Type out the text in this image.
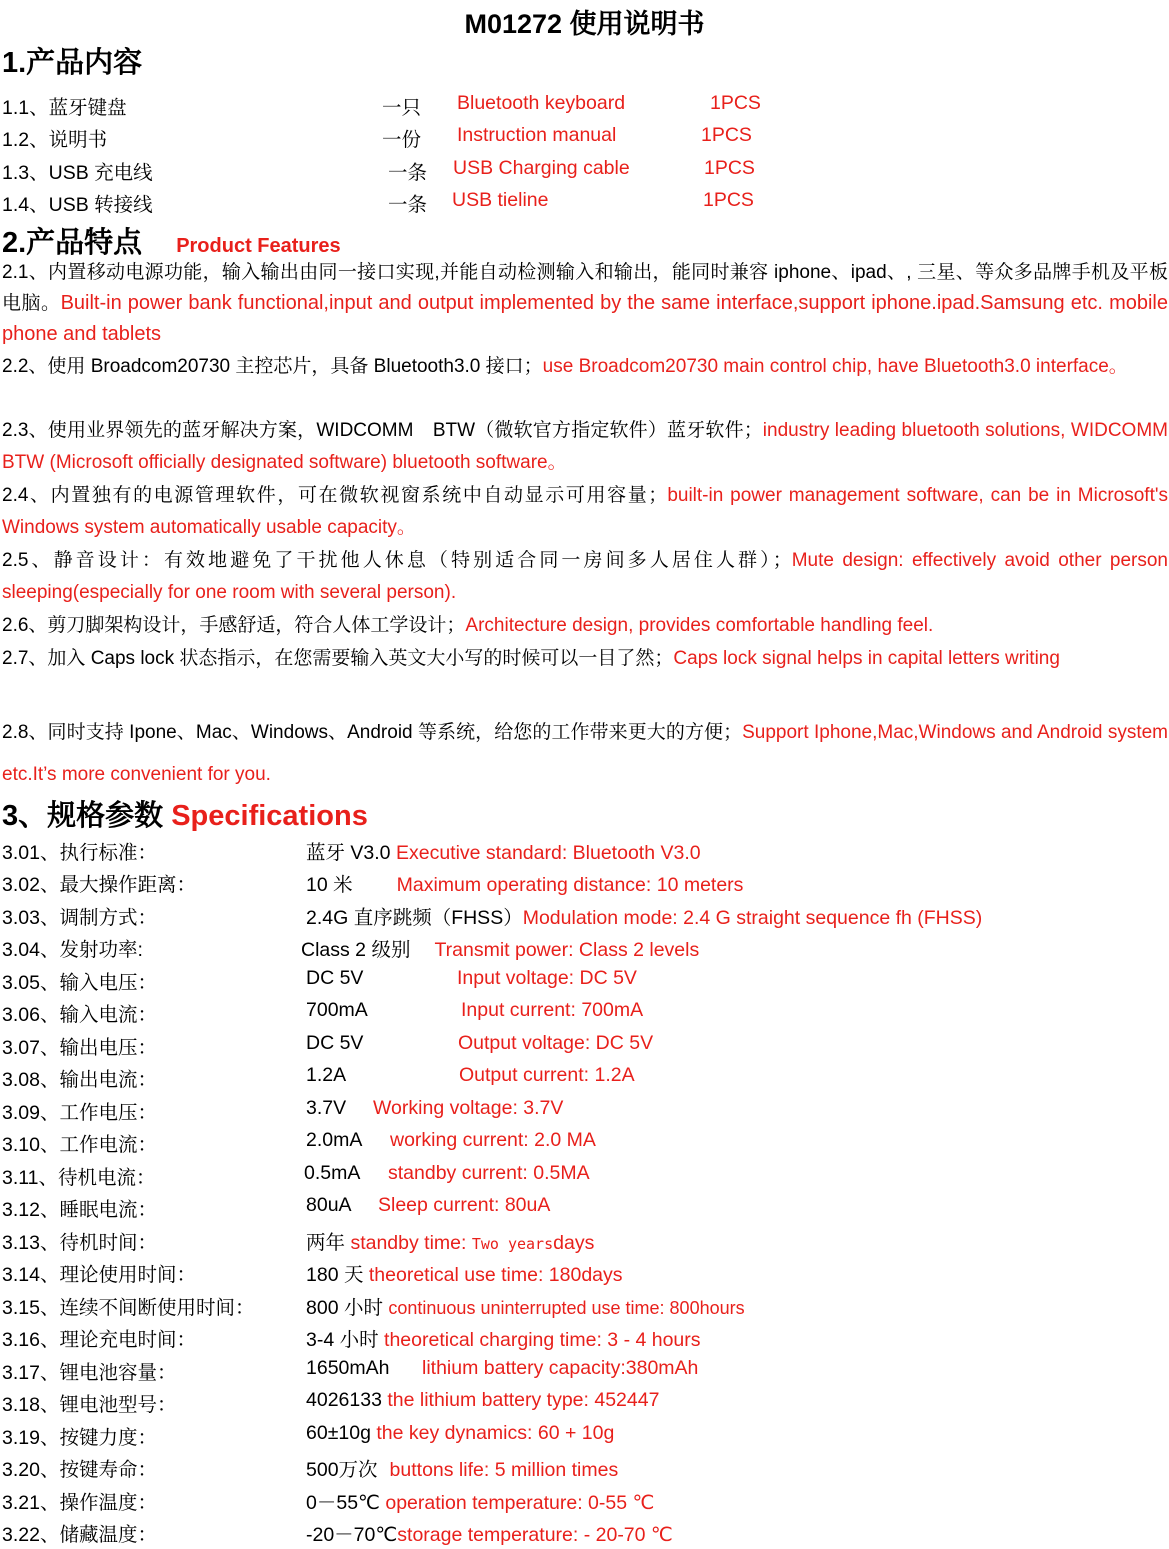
M01272 使用说明书
1.产品内容
1.1、蓝牙键盘	一只 Bluetooth keyboard	1PCS
1.2、说明书	一份 Instruction manual	1PCS
1.3、USB 充电线	一条 USB Charging cable	1PCS
1.4、USB 转接线	一条 USB tieline	1PCS
2.产品特点 Product Features
2.1、内置移动电源功能，输入输出由同一接口实现,并能自动检测输入和输出，能同时兼容 iphone、ipad、, 三星、等众多品牌手机及平板电脑。Built-in power bank functional,input and output implemented by the same interface,support iphone.ipad.Samsung etc. mobile phone and tablets
2.2、使用 Broadcom20730 主控芯片，具备 Bluetooth3.0 接口；use Broadcom20730 main control chip, have Bluetooth3.0 interface。
2.3、使用业界领先的蓝牙解决方案，WIDCOMM　BTW（微软官方指定软件）蓝牙软件；industry leading bluetooth solutions, WIDCOMM BTW (Microsoft officially designated software) bluetooth software。
2.4、内置独有的电源管理软件，可在微软视窗系统中自动显示可用容量；built-in power management software, can be in Microsoft's Windows system automatically usable capacity。
2.5、静音设计：有效地避免了干扰他人休息（特别适合同一房间多人居住人群）；Mute design: effectively avoid other person sleeping(especially for one room with several person).
2.6、剪刀脚架构设计，手感舒适，符合人体工学设计；Architecture design, provides comfortable handling feel.
2.7、加入 Caps lock 状态指示，在您需要输入英文大小写的时候可以一目了然；Caps lock signal helps in capital letters writing
2.8、同时支持 Ipone、Mac、Windows、Android 等系统，给您的工作带来更大的方便；Support Iphone,Mac,Windows and Android system etc.It’s more convenient for you.
3、规格参数 Specifications
3.01、执行标准：	蓝牙 V3.0 Executive standard: Bluetooth V3.0
3.02、最大操作距离：	10 米 Maximum operating distance: 10 meters
3.03、调制方式：	2.4G 直序跳频（FHSS）Modulation mode: 2.4 G straight sequence fh (FHSS)
3.04、发射功率:	Class 2 级别 Transmit power: Class 2 levels
3.05、输入电压：	DC 5V	Input voltage: DC 5V
3.06、输入电流：	700mA	Input current: 700mA
3.07、输出电压：	DC 5V	Output voltage: DC 5V
3.08、输出电流：	1.2A	Output current: 1.2A
3.09、工作电压：	3.7V Working voltage: 3.7V
3.10、工作电流：	2.0mA working current: 2.0 MA
3.11、待机电流：	0.5mA standby current: 0.5MA
3.12、睡眠电流：	80uA Sleep current: 80uA
3.13、待机时间：	两年 standby time: Two yearsdays
3.14、理论使用时间：	180 天 theoretical use time: 180days
3.15、连续不间断使用时间：	800 小时 continuous uninterrupted use time: 800hours
3.16、理论充电时间：	3-4 小时 theoretical charging time: 3 - 4 hours
3.17、锂电池容量：	1650mAh lithium battery capacity:380mAh
3.18、锂电池型号：	4026133 the lithium battery type: 452447
3.19、按键力度：	60±10g the key dynamics: 60 + 10g
3.20、按键寿命：	500万次 buttons life: 5 million times
3.21、操作温度：	0－55℃ operation temperature: 0-55 ℃
3.22、储藏温度：	-20－70℃storage temperature: - 20-70 ℃
